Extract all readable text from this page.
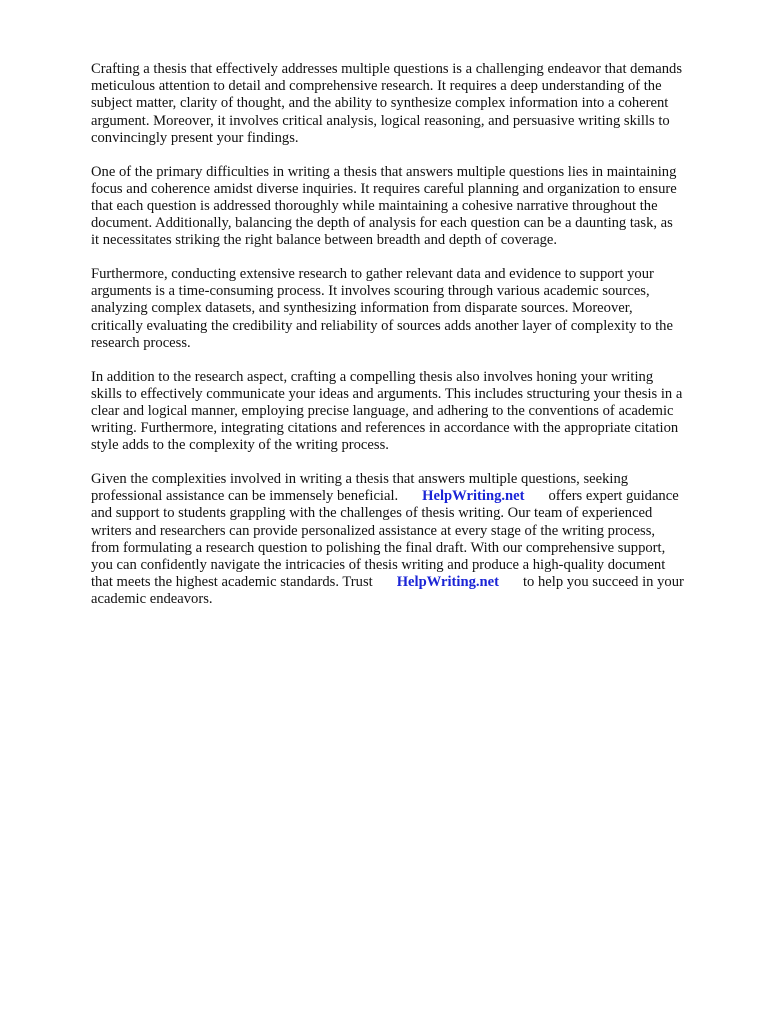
Crafting a thesis that effectively addresses multiple questions is a challenging endeavor that demands
meticulous attention to detail and comprehensive research. It requires a deep understanding of the
subject matter, clarity of thought, and the ability to synthesize complex information into a coherent
argument. Moreover, it involves critical analysis, logical reasoning, and persuasive writing skills to
convincingly present your findings.

One of the primary difficulties in writing a thesis that answers multiple questions lies in maintaining
focus and coherence amidst diverse inquiries. It requires careful planning and organization to ensure
that each question is addressed thoroughly while maintaining a cohesive narrative throughout the
document. Additionally, balancing the depth of analysis for each question can be a daunting task, as
it necessitates striking the right balance between breadth and depth of coverage.

Furthermore, conducting extensive research to gather relevant data and evidence to support your
arguments is a time-consuming process. It involves scouring through various academic sources,
analyzing complex datasets, and synthesizing information from disparate sources. Moreover,
critically evaluating the credibility and reliability of sources adds another layer of complexity to the
research process.

In addition to the research aspect, crafting a compelling thesis also involves honing your writing
skills to effectively communicate your ideas and arguments. This includes structuring your thesis in a
clear and logical manner, employing precise language, and adhering to the conventions of academic
writing. Furthermore, integrating citations and references in accordance with the appropriate citation
style adds to the complexity of the writing process.

Given the complexities involved in writing a thesis that answers multiple questions, seeking
professional assistance can be immensely beneficial. HelpWriting.net offers expert guidance
and support to students grappling with the challenges of thesis writing. Our team of experienced
writers and researchers can provide personalized assistance at every stage of the writing process,
from formulating a research question to polishing the final draft. With our comprehensive support,
you can confidently navigate the intricacies of thesis writing and produce a high-quality document
that meets the highest academic standards. Trust HelpWriting.net to help you succeed in your
academic endeavors.
